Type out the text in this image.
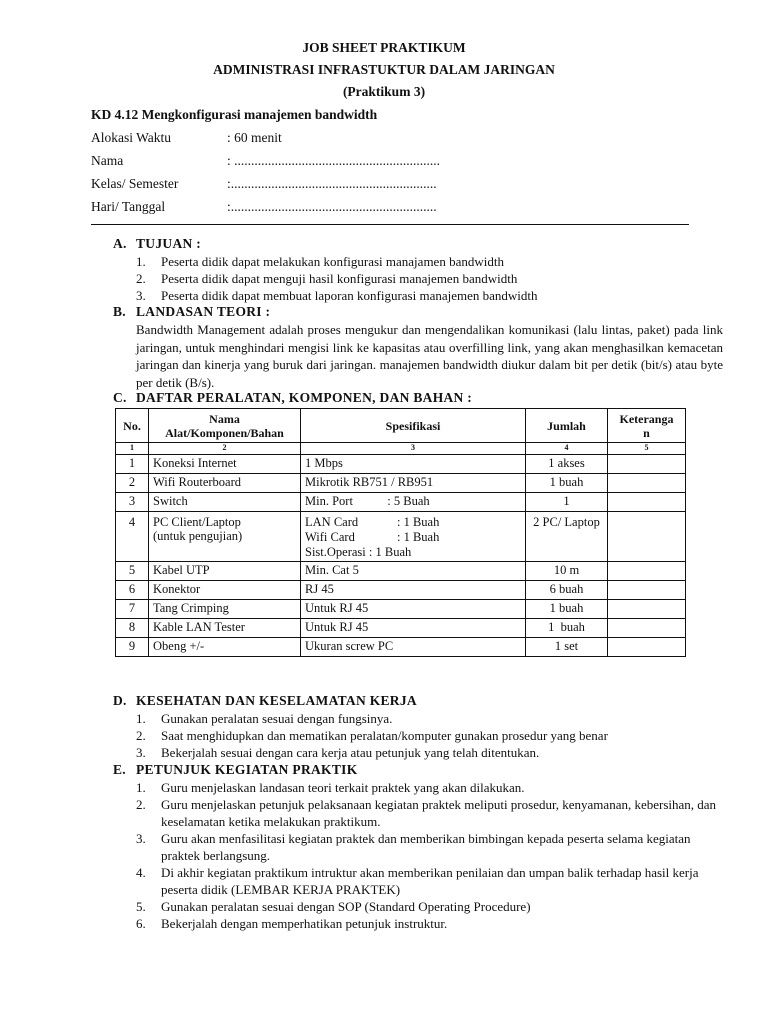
JOB SHEET PRAKTIKUM
ADMINISTRASI INFRASTUKTUR DALAM JARINGAN
(Praktikum 3)
KD 4.12 Mengkonfigurasi manajemen bandwidth
Alokasi Waktu	: 60 menit
Nama	: .............................................................
Kelas/ Semester	:.............................................................
Hari/ Tanggal	:.............................................................
A. TUJUAN :
1. Peserta didik dapat melakukan konfigurasi manajamen bandwidth
2. Peserta didik dapat menguji hasil konfigurasi manajemen bandwidth
3. Peserta didik dapat membuat laporan konfigurasi manajemen bandwidth
B. LANDASAN TEORI :

Bandwidth Management adalah proses mengukur dan mengendalikan komunikasi (lalu lintas, paket) pada link jaringan, untuk menghindari mengisi link ke kapasitas atau overfilling link, yang akan menghasilkan kemacetan jaringan dan kinerja yang buruk dari jaringan. manajemen bandwidth diukur dalam bit per detik (bit/s) atau byte per detik (B/s).

C. DAFTAR PERALATAN, KOMPONEN, DAN BAHAN :
No.	Nama
Alat/Komponen/Bahan	Spesifikasi	Jumlah	Keteranga
n
1	2	3	4	5
1	Koneksi Internet	1 Mbps	1 akses	
2	Wifi Routerboard	Mikrotik RB751 / RB951	1 buah	
3	Switch	Min. Port           : 5 Buah	1	
4	PC Client/Laptop
(untuk pengujian)	LAN Card : 1 Buah
Wifi Card : 1 Buah
Sist.Operasi : 1 Buah	2 PC/ Laptop	
5	Kabel UTP	Min. Cat 5	10 m	
6	Konektor	RJ 45	6 buah	
7	Tang Crimping	Untuk RJ 45	1 buah	
8	Kable LAN Tester	Untuk RJ 45	1  buah	
9	Obeng +/-	Ukuran screw PC	1 set	
D. KESEHATAN DAN KESELAMATAN KERJA
1. Gunakan peralatan sesuai dengan fungsinya.
2. Saat menghidupkan dan mematikan peralatan/komputer gunakan prosedur yang benar
3. Bekerjalah sesuai dengan cara kerja atau petunjuk yang telah ditentukan.
E. PETUNJUK KEGIATAN PRAKTIK
1. Guru menjelaskan landasan teori terkait praktek yang akan dilakukan.
2. Guru menjelaskan petunjuk pelaksanaan kegiatan praktek meliputi prosedur, kenyamanan, kebersihan, dan keselamatan ketika melakukan praktikum.
3. Guru akan menfasilitasi kegiatan praktek dan memberikan bimbingan kepada peserta selama kegiatan praktek berlangsung.
4. Di akhir kegiatan praktikum intruktur akan memberikan penilaian dan umpan balik terhadap hasil kerja peserta didik (LEMBAR KERJA PRAKTEK)
5. Gunakan peralatan sesuai dengan SOP (Standard Operating Procedure)
6. Bekerjalah dengan memperhatikan petunjuk instruktur.
